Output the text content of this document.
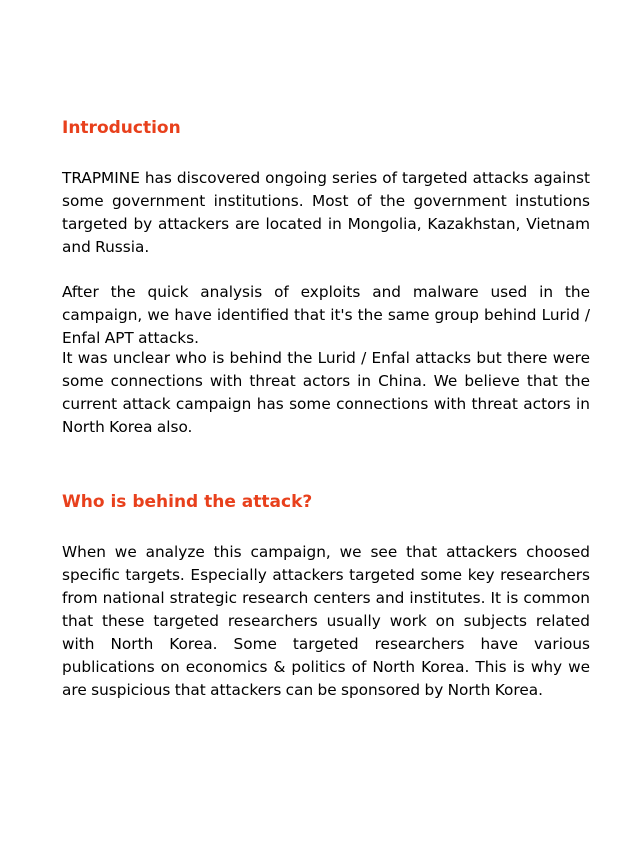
Introduction

TRAPMINE has discovered ongoing series of targeted attacks against some government institutions. Most of the government instutions targeted by attackers are located in Mongolia, Kazakhstan, Vietnam and Russia.

After the quick analysis of exploits and malware used in the campaign, we have identified that it's the same group behind Lurid / Enfal APT attacks.

It was unclear who is behind the Lurid / Enfal attacks but there were some connections with threat actors in China. We believe that the current attack campaign has some connections with threat actors in North Korea also.

Who is behind the attack?

When we analyze this campaign, we see that attackers choosed specific targets. Especially attackers targeted some key researchers from national strategic research centers and institutes. It is common that these targeted researchers usually work on subjects related with North Korea. Some targeted researchers have various publications on economics & politics of North Korea. This is why we are suspicious that attackers can be sponsored by North Korea.
